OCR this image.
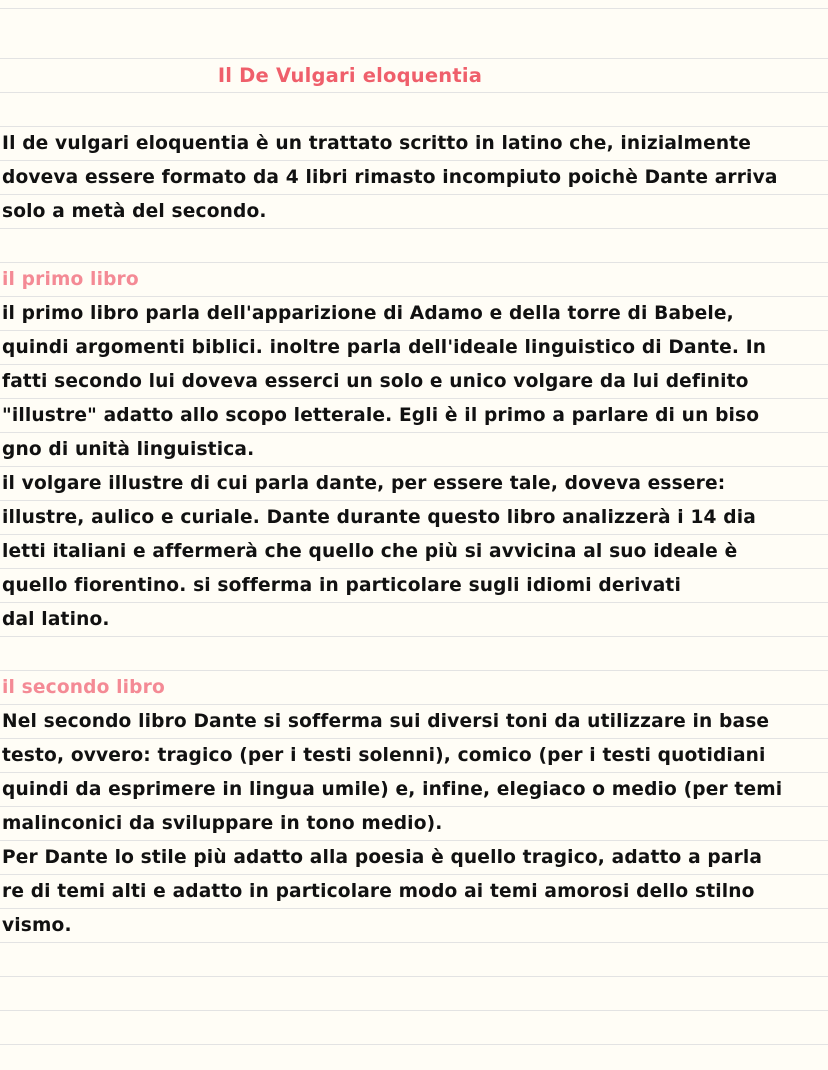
Il De Vulgari eloquentia
Il de vulgari eloquentia è un trattato scritto in latino che, inizialmente
doveva essere formato da 4 libri rimasto incompiuto poichè Dante arriva
solo a metà del secondo.
il primo libro
il primo libro parla dell'apparizione di Adamo e della torre di Babele,
quindi argomenti biblici. inoltre parla dell'ideale linguistico di Dante. In
fatti secondo lui doveva esserci un solo e unico volgare da lui definito
"illustre" adatto allo scopo letterale. Egli è il primo a parlare di un biso
gno di unità linguistica.
il volgare illustre di cui parla dante, per essere tale, doveva essere:
illustre, aulico e curiale. Dante durante questo libro analizzerà i 14 dia
letti italiani e affermerà che quello che più si avvicina al suo ideale è
quello fiorentino. si sofferma in particolare sugli idiomi derivati
dal latino.
il secondo libro
Nel secondo libro Dante si sofferma sui diversi toni da utilizzare in base
testo, ovvero: tragico (per i testi solenni), comico (per i testi quotidiani
quindi da esprimere in lingua umile) e, infine, elegiaco o medio (per temi
malinconici da sviluppare in tono medio).
Per Dante lo stile più adatto alla poesia è quello tragico, adatto a parla
re di temi alti e adatto in particolare modo ai temi amorosi dello stilno
vismo.
